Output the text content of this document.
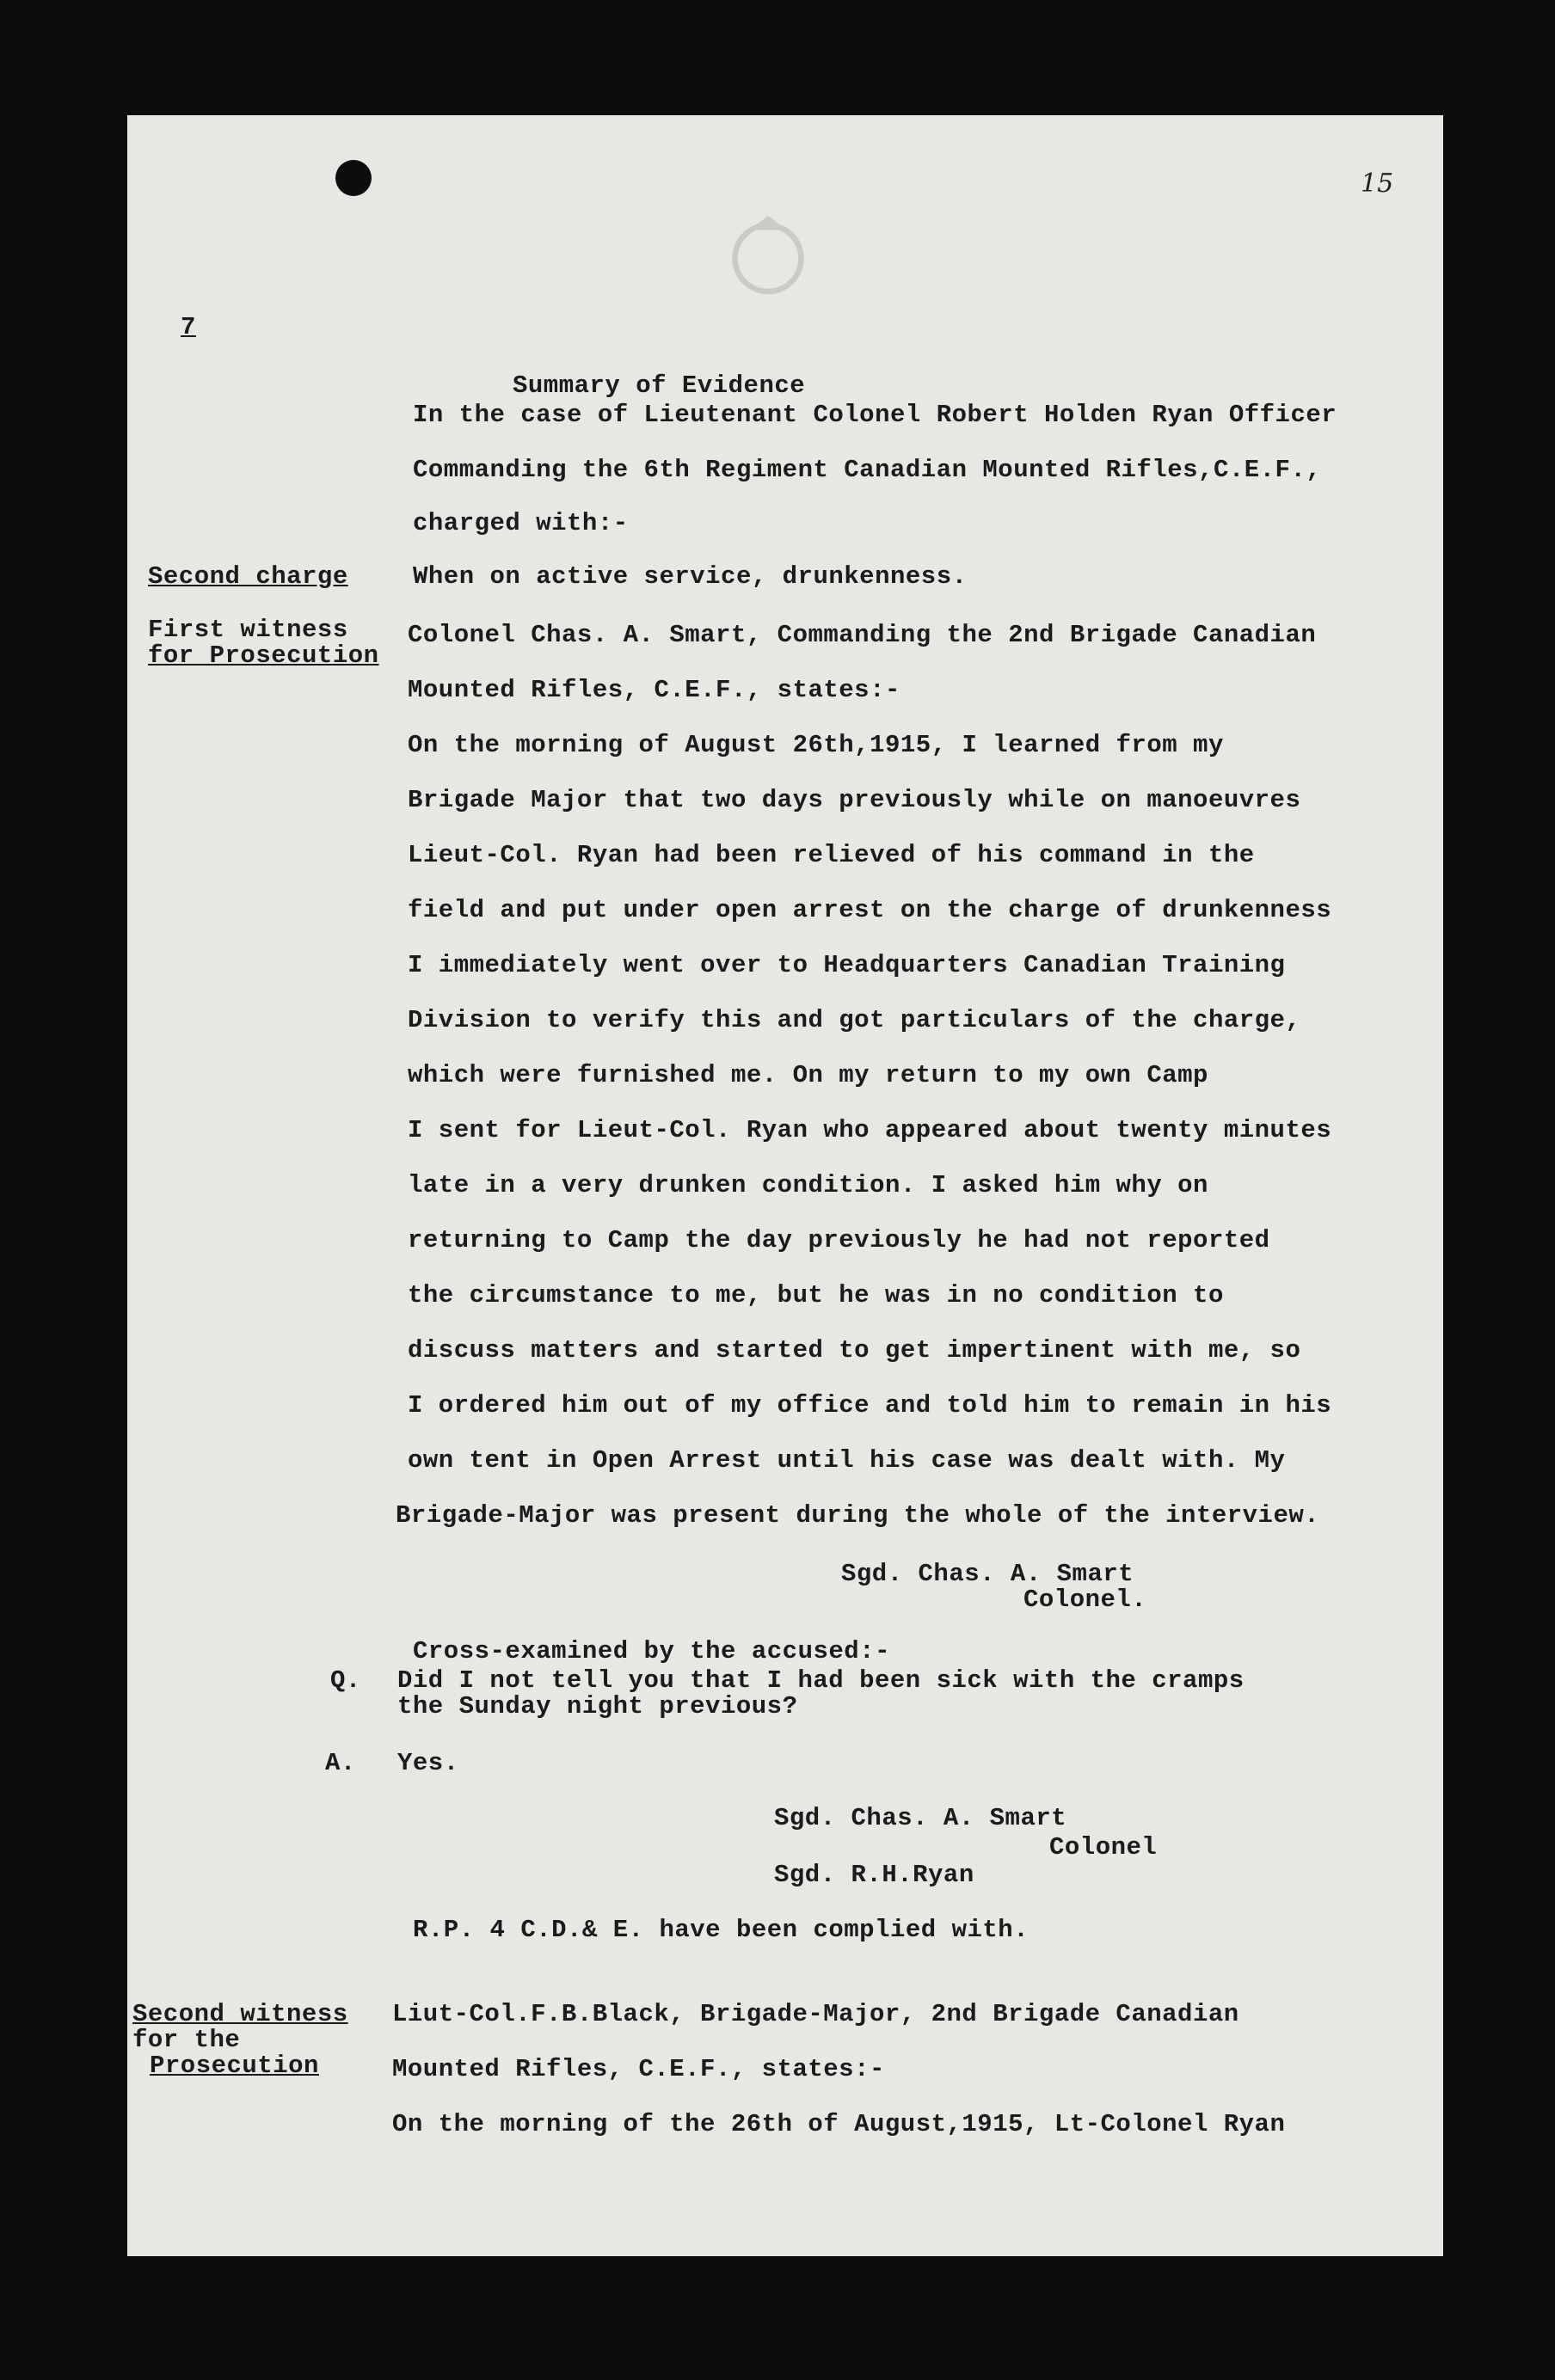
15
7
Summary of Evidence
In the case of Lieutenant Colonel Robert Holden Ryan Officer
Commanding the 6th Regiment Canadian Mounted Rifles,C.E.F.,
charged with:-
Second charge	When on active service, drunkenness.
First witness
for Prosecution
Colonel Chas. A. Smart, Commanding the 2nd Brigade Canadian
Mounted Rifles, C.E.F., states:-
On the morning of August 26th,1915, I learned from my
Brigade Major that two days previously while on manoeuvres
Lieut-Col. Ryan had been relieved of his command in the
field and put under open arrest on the charge of drunkenness
I immediately went over to Headquarters Canadian Training
Division to verify this and got particulars of the charge,
which were furnished me. On my return to my own Camp
I sent for Lieut-Col. Ryan who appeared about twenty minutes
late in a very drunken condition. I asked him why on
returning to Camp the day previously he had not reported
the circumstance to me, but he was in no condition to
discuss matters and started to get impertinent with me, so
I ordered him out of my office and told him to remain in his
own tent in Open Arrest until his case was dealt with. My
Brigade-Major was present during the whole of the interview.
Sgd. Chas. A. Smart
Colonel.
Cross-examined by the accused:-
Q. Did I not tell you that I had been sick with the cramps
the Sunday night previous?
A. Yes.
Sgd. Chas. A. Smart
Colonel
Sgd. R.H.Ryan
R.P. 4 C.D.& E. have been complied with.
Second witness
for the
Prosecution
Liut-Col.F.B.Black, Brigade-Major, 2nd Brigade Canadian
Mounted Rifles, C.E.F., states:-
On the morning of the 26th of August,1915, Lt-Colonel Ryan
